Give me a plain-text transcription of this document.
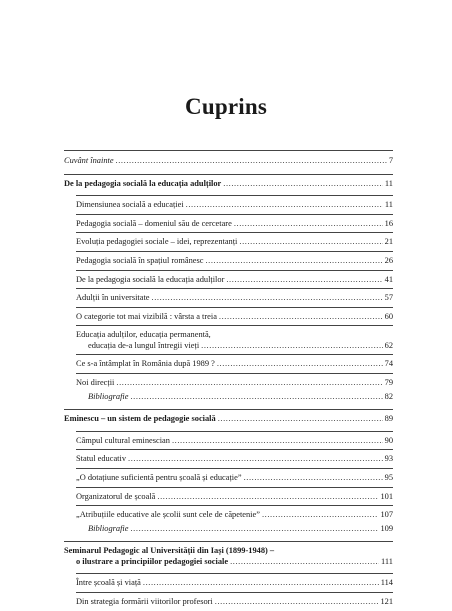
Cuprins
Cuvânt înainte .....	7
De la pedagogia socială la educația adulților .....	11
Dimensiunea socială a educației .....	11
Pedagogia socială – domeniul său de cercetare .....	16
Evoluția pedagogiei sociale – idei, reprezentanți .....	21
Pedagogia socială în spațiul românesc .....	26
De la pedagogia socială la educația adulților .....	41
Adulții în universitate .....	57
O categorie tot mai vizibilă : vârsta a treia .....	60
Educația adulților, educația permanentă,
educația de-a lungul întregii vieți .....	62
Ce s-a întâmplat în România după 1989 ? .....	74
Noi direcții .....	79
Bibliografie .....	82
Eminescu – un sistem de pedagogie socială .....	89
Câmpul cultural eminescian .....	90
Statul educativ .....	93
„O dotațiune suficientă pentru școală și educație” .....	95
Organizatorul de școală .....	101
„Atribuțiile educative ale școlii sunt cele de căpetenie” .....	107
Bibliografie .....	109
Seminarul Pedagogic al Universității din Iași (1899-1948) –
o ilustrare a principiilor pedagogiei sociale .....	111
Între școală și viață .....	114
Din strategia formării viitorilor profesori .....	121
